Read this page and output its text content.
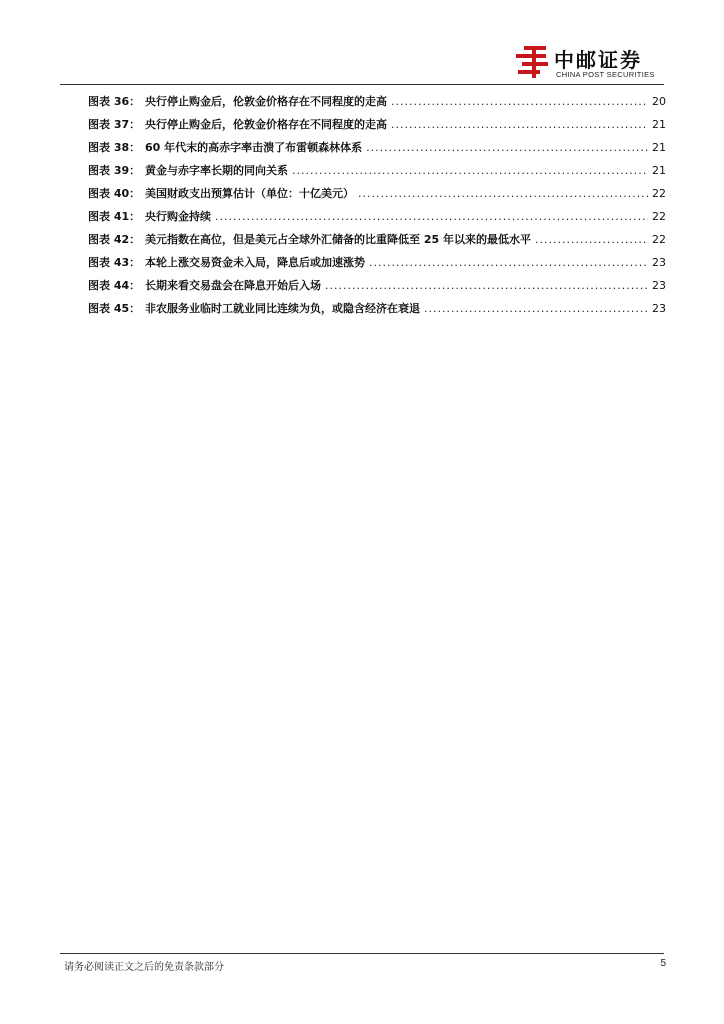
中邮证券
CHINA POST SECURITIES
图表 36： 央行停止购金后，伦敦金价格存在不同程度的走高 .....	20
图表 37： 央行停止购金后，伦敦金价格存在不同程度的走高 .....	21
图表 38： 60 年代末的高赤字率击溃了布雷顿森林体系 .....	21
图表 39： 黄金与赤字率长期的同向关系 .....	21
图表 40： 美国财政支出预算估计（单位：十亿美元） .....	22
图表 41： 央行购金持续 .....	22
图表 42： 美元指数在高位，但是美元占全球外汇储备的比重降低至 25 年以来的最低水平 .....	22
图表 43： 本轮上涨交易资金未入局，降息后或加速涨势 .....	23
图表 44： 长期来看交易盘会在降息开始后入场 .....	23
图表 45： 非农服务业临时工就业同比连续为负，或隐含经济在衰退 .....	23
请务必阅读正文之后的免责条款部分	5
